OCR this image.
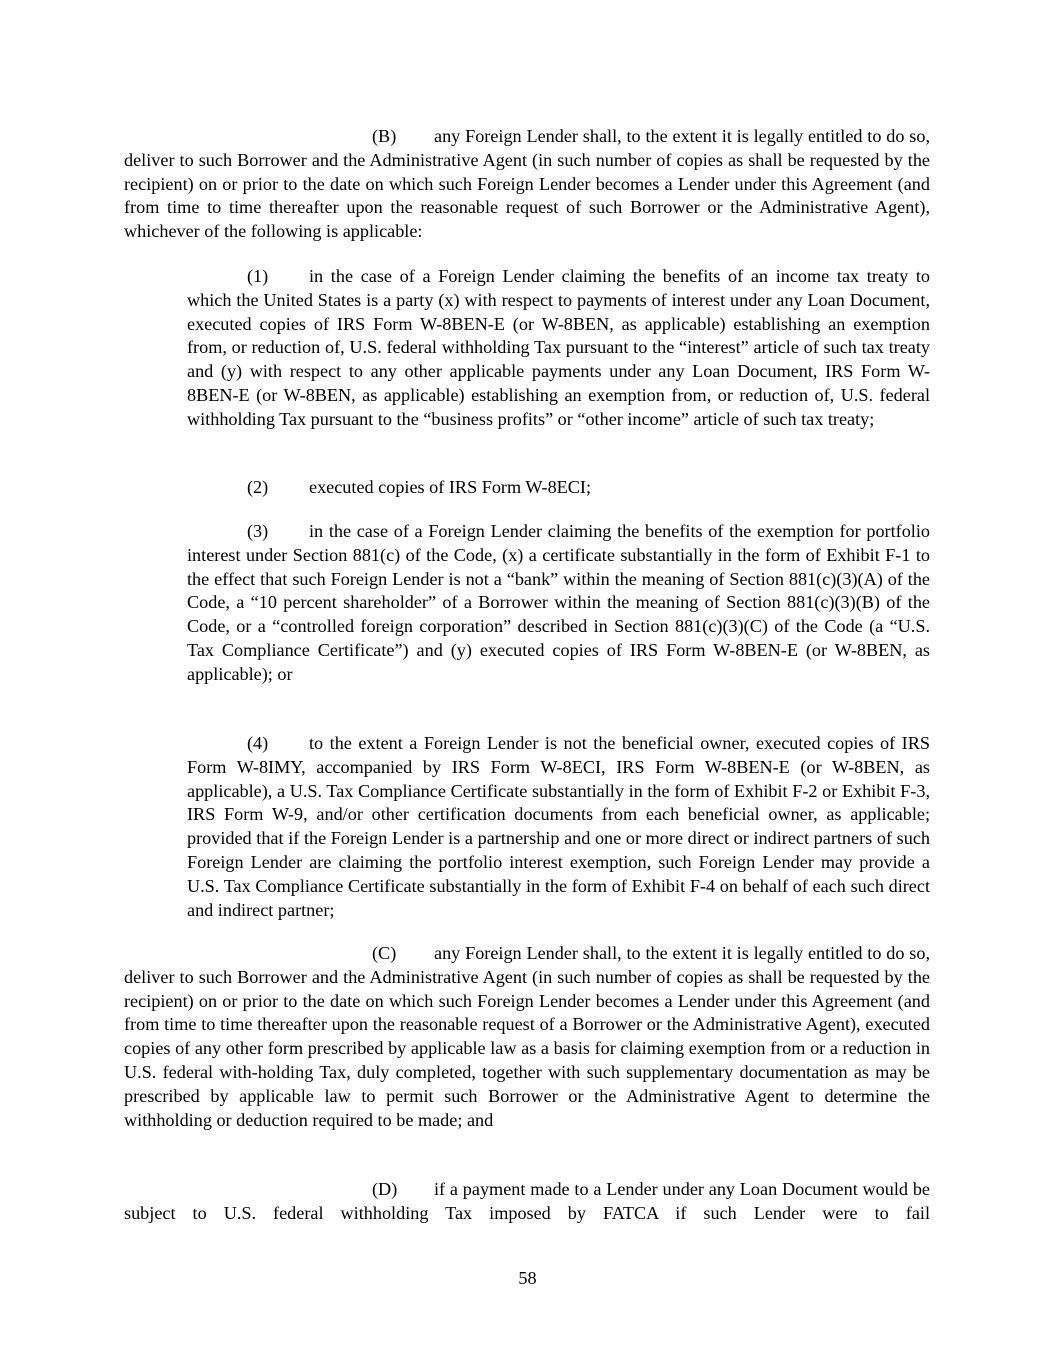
(B) any Foreign Lender shall, to the extent it is legally entitled to do so, deliver to such Borrower and the Administrative Agent (in such number of copies as shall be requested by the recipient) on or prior to the date on which such Foreign Lender becomes a Lender under this Agreement (and from time to time thereafter upon the reasonable request of such Borrower or the Administrative Agent), whichever of the following is applicable:

(1) in the case of a Foreign Lender claiming the benefits of an income tax treaty to which the United States is a party (x) with respect to payments of interest under any Loan Document, executed copies of IRS Form W-8BEN-E (or W-8BEN, as applicable) establishing an exemption from, or reduction of, U.S. federal withholding Tax pursuant to the “interest” article of such tax treaty and (y) with respect to any other applicable payments under any Loan Document, IRS Form W-8BEN-E (or W-8BEN, as applicable) establishing an exemption from, or reduction of, U.S. federal withholding Tax pursuant to the “business profits” or “other income” article of such tax treaty;

(2) executed copies of IRS Form W-8ECI;

(3) in the case of a Foreign Lender claiming the benefits of the exemption for portfolio interest under Section 881(c) of the Code, (x) a certificate substantially in the form of Exhibit F-1 to the effect that such Foreign Lender is not a “bank” within the meaning of Section 881(c)(3)(A) of the Code, a “10 percent shareholder” of a Borrower within the meaning of Section 881(c)(3)(B) of the Code, or a “controlled foreign corporation” described in Section 881(c)(3)(C) of the Code (a “U.S. Tax Compliance Certificate”) and (y) executed copies of IRS Form W-8BEN-E (or W-8BEN, as applicable); or

(4) to the extent a Foreign Lender is not the beneficial owner, executed copies of IRS Form W-8IMY, accompanied by IRS Form W-8ECI, IRS Form W-8BEN-E (or W-8BEN, as applicable), a U.S. Tax Compliance Certificate substantially in the form of Exhibit F-2 or Exhibit F-3, IRS Form W-9, and/or other certification documents from each beneficial owner, as applicable; provided that if the Foreign Lender is a partnership and one or more direct or indirect partners of such Foreign Lender are claiming the portfolio interest exemption, such Foreign Lender may provide a U.S. Tax Compliance Certificate substantially in the form of Exhibit F-4 on behalf of each such direct and indirect partner;

(C) any Foreign Lender shall, to the extent it is legally entitled to do so, deliver to such Borrower and the Administrative Agent (in such number of copies as shall be requested by the recipient) on or prior to the date on which such Foreign Lender becomes a Lender under this Agreement (and from time to time thereafter upon the reasonable request of a Borrower or the Administrative Agent), executed copies of any other form prescribed by applicable law as a basis for claiming exemption from or a reduction in U.S. federal with-holding Tax, duly completed, together with such supplementary documentation as may be prescribed by applicable law to permit such Borrower or the Administrative Agent to determine the withholding or deduction required to be made; and

(D) if a payment made to a Lender under any Loan Document would be subject to U.S. federal withholding Tax imposed by FATCA if such Lender were to fail

58
